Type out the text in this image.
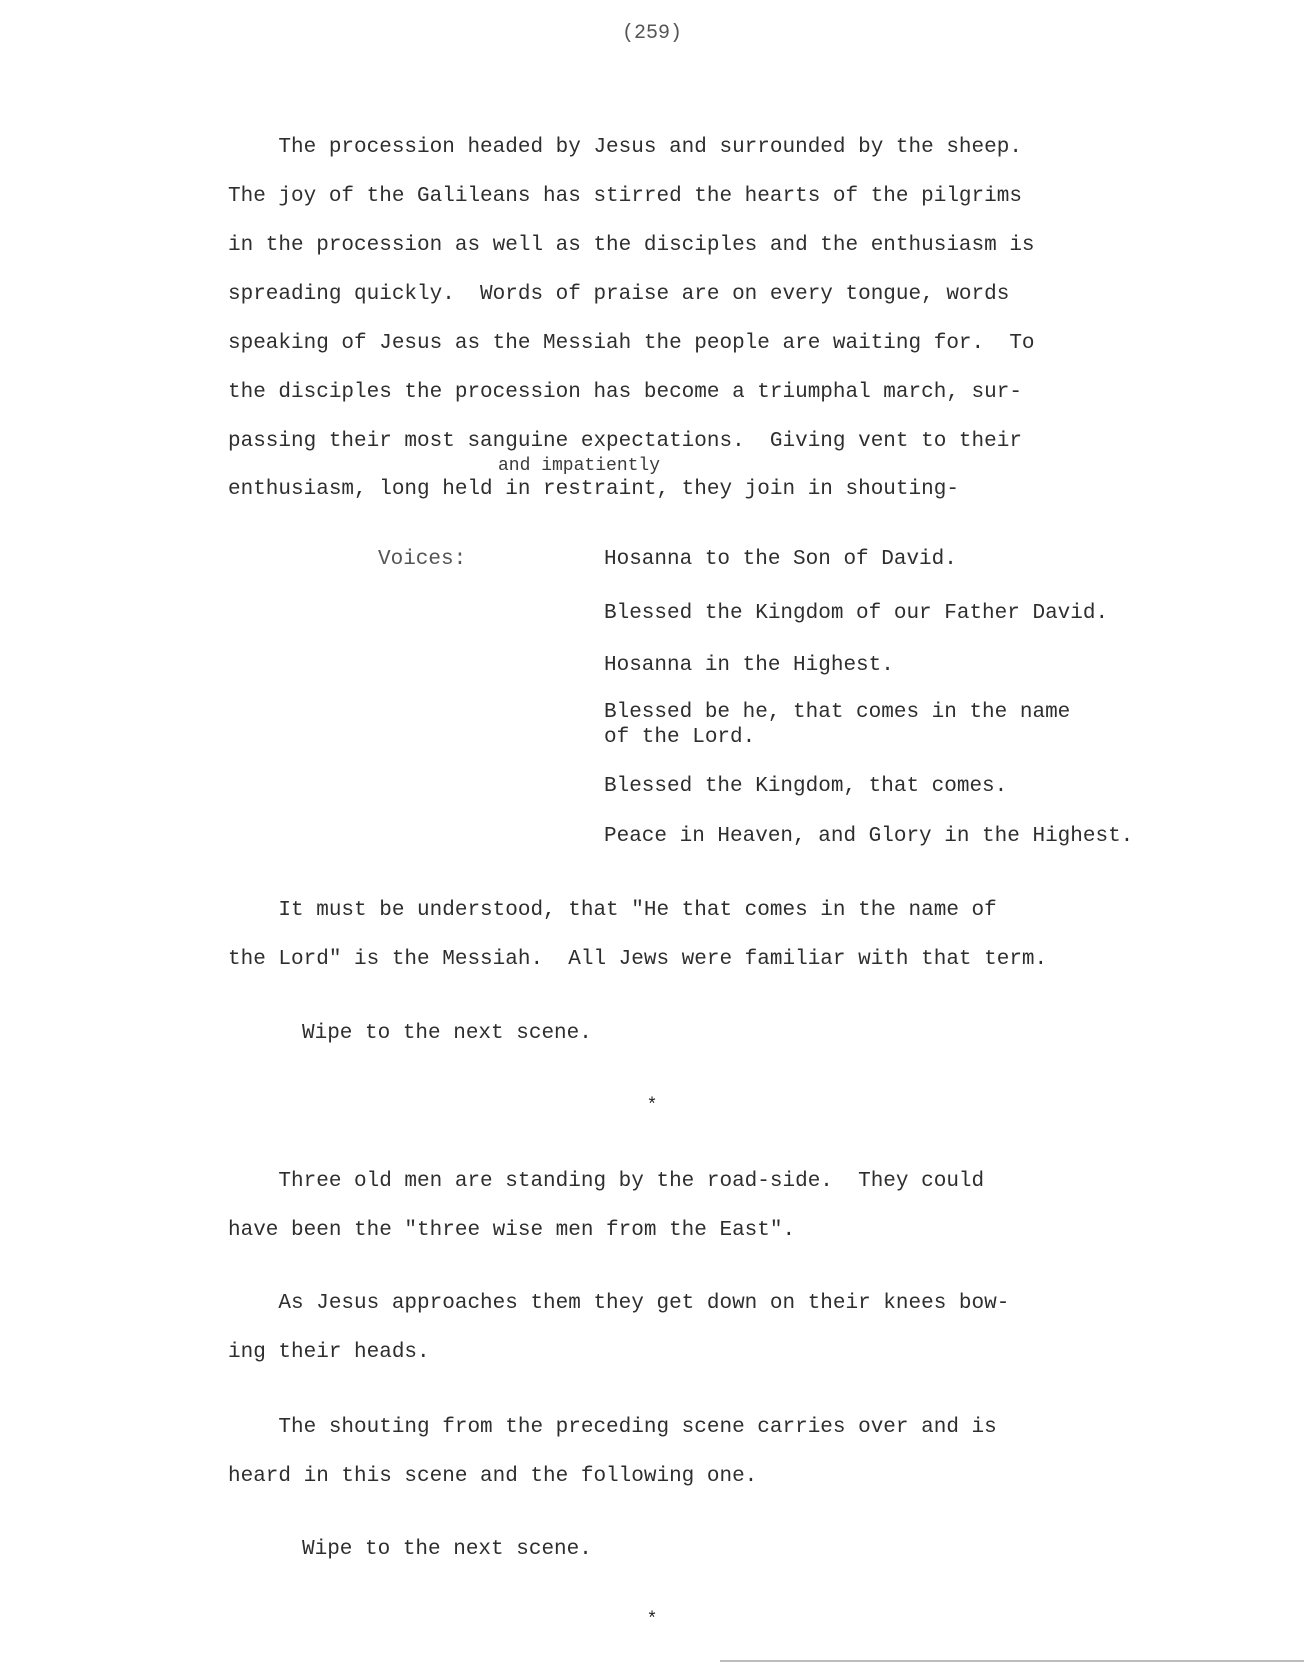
(259)
The procession headed by Jesus and surrounded by the sheep.
The joy of the Galileans has stirred the hearts of the pilgrims
in the procession as well as the disciples and the enthusiasm is
spreading quickly.  Words of praise are on every tongue, words
speaking of Jesus as the Messiah the people are waiting for.  To
the disciples the procession has become a triumphal march, sur-
passing their most sanguine expectations.  Giving vent to their
and impatiently
enthusiasm, long held in restraint, they join in shouting-
Voices:	Hosanna to the Son of David.
Blessed the Kingdom of our Father David.
Hosanna in the Highest.
Blessed be he, that comes in the name
of the Lord.
Blessed the Kingdom, that comes.
Peace in Heaven, and Glory in the Highest.
It must be understood, that "He that comes in the name of
the Lord" is the Messiah.  All Jews were familiar with that term.
Wipe to the next scene.
*
Three old men are standing by the road-side.  They could
have been the "three wise men from the East".
As Jesus approaches them they get down on their knees bow-
ing their heads.
The shouting from the preceding scene carries over and is
heard in this scene and the following one.
Wipe to the next scene.
*
